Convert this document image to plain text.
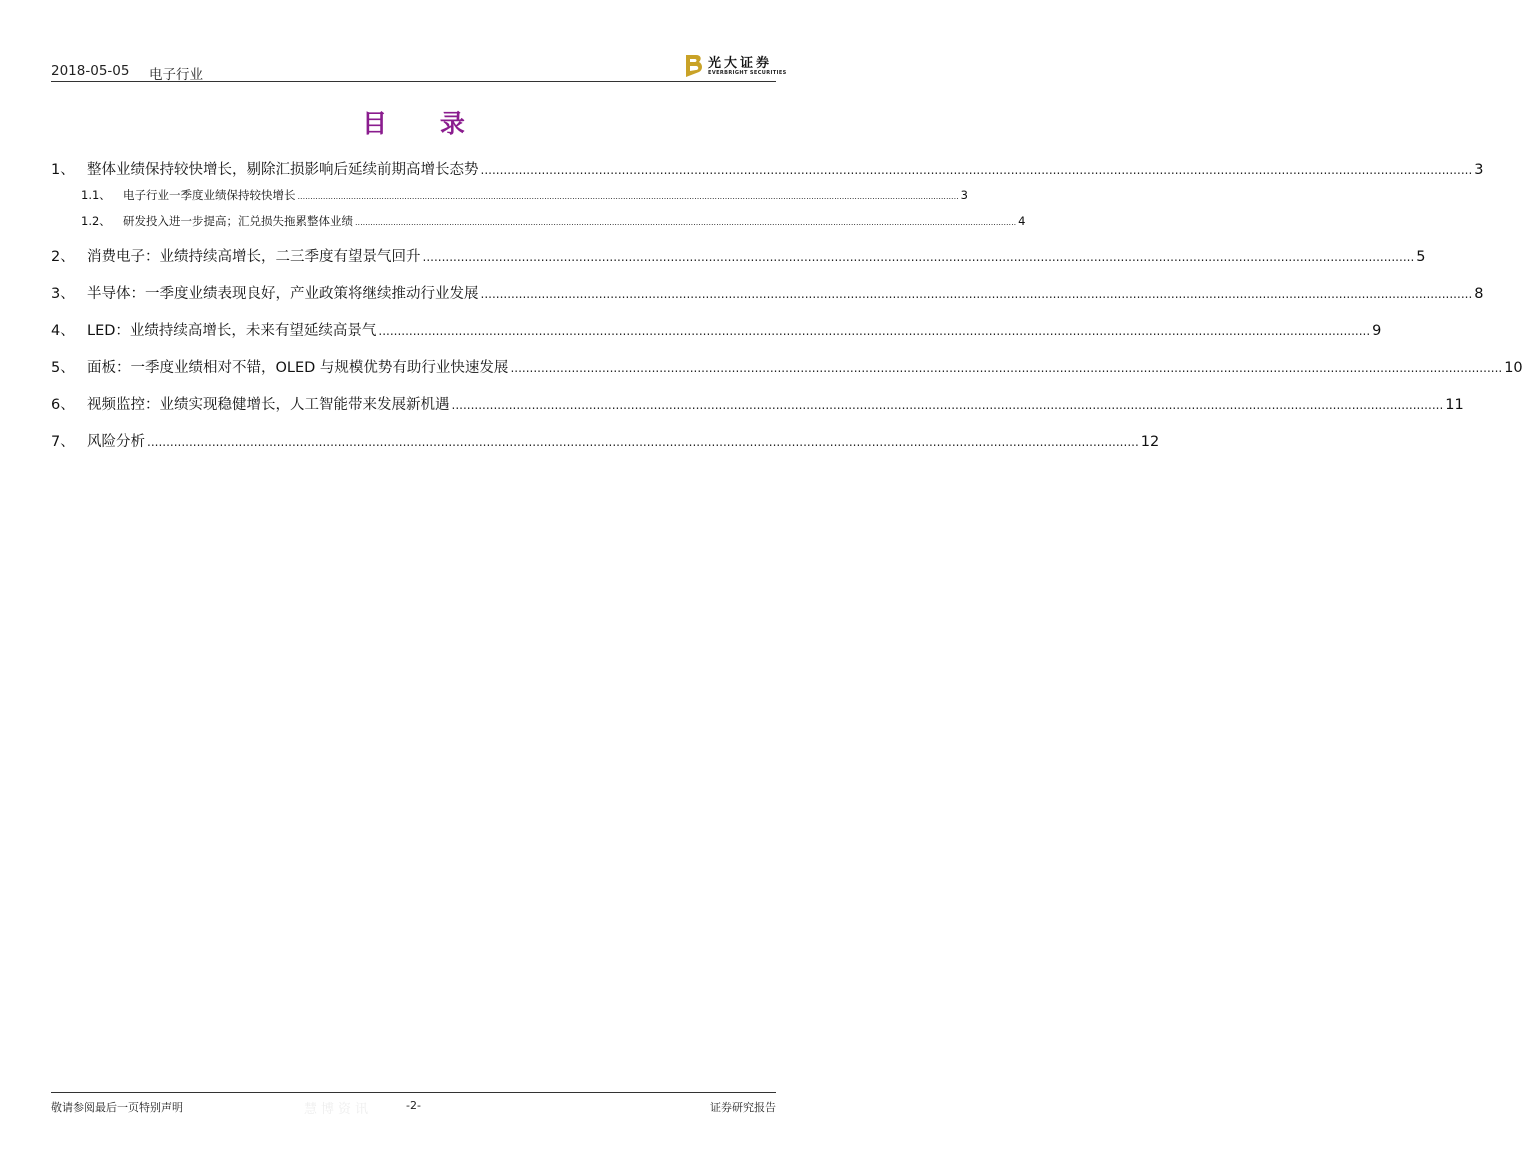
2018-05-05 电子行业
光大证券
EVERBRIGHT SECURITIES
目 录
1、 整体业绩保持较快增长，剔除汇损影响后延续前期高增长态势 .................................................................................................................................................................................................................................................................... 3
1.1、	电子行业一季度业绩保持较快增长 .................................................................................................................................................................................................................................................................... 3
1.2、	研发投入进一步提高；汇兑损失拖累整体业绩 .................................................................................................................................................................................................................................................................... 4
2、 消费电子：业绩持续高增长，二三季度有望景气回升 .................................................................................................................................................................................................................................................................... 5
3、 半导体：一季度业绩表现良好，产业政策将继续推动行业发展 .................................................................................................................................................................................................................................................................... 8
4、 LED：业绩持续高增长，未来有望延续高景气 .................................................................................................................................................................................................................................................................... 9
5、 面板：一季度业绩相对不错，OLED 与规模优势有助行业快速发展 .................................................................................................................................................................................................................................................................... 10
6、 视频监控：业绩实现稳健增长，人工智能带来发展新机遇 .................................................................................................................................................................................................................................................................... 11
7、 风险分析 .................................................................................................................................................................................................................................................................... 12
敬请参阅最后一页特别声明	慧博资讯	-2-	证券研究报告
